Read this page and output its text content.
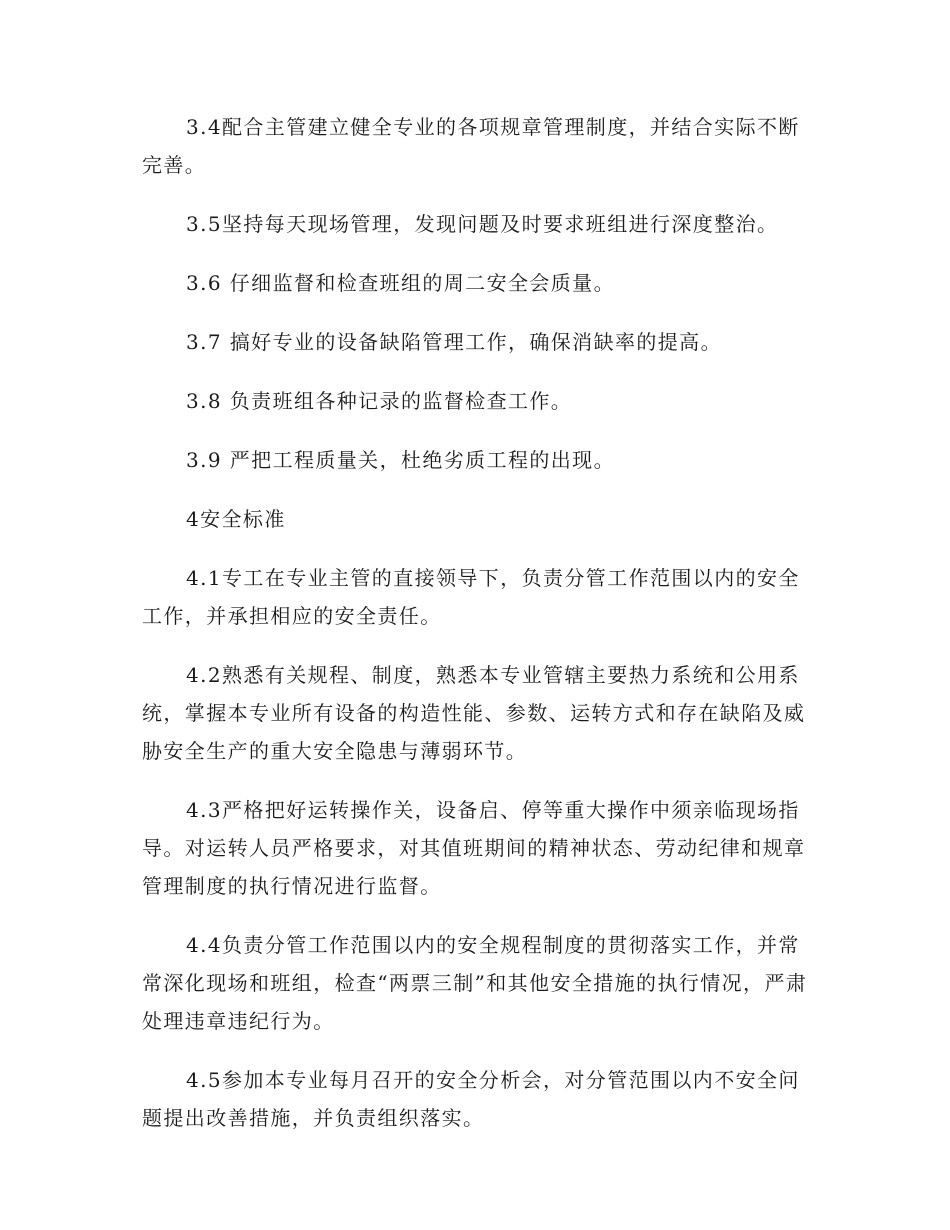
3.4配合主管建立健全专业的各项规章管理制度，并结合实际不断完善。

3.5坚持每天现场管理，发现问题及时要求班组进行深度整治。

3.6 仔细监督和检查班组的周二安全会质量。

3.7 搞好专业的设备缺陷管理工作，确保消缺率的提高。

3.8 负责班组各种记录的监督检查工作。

3.9 严把工程质量关，杜绝劣质工程的出现。

4安全标准

4.1专工在专业主管的直接领导下，负责分管工作范围以内的安全工作，并承担相应的安全责任。

4.2熟悉有关规程、制度，熟悉本专业管辖主要热力系统和公用系统，掌握本专业所有设备的构造性能、参数、运转方式和存在缺陷及威胁安全生产的重大安全隐患与薄弱环节。

4.3严格把好运转操作关，设备启、停等重大操作中须亲临现场指导。对运转人员严格要求，对其值班期间的精神状态、劳动纪律和规章管理制度的执行情况进行监督。

4.4负责分管工作范围以内的安全规程制度的贯彻落实工作，并常常深化现场和班组，检查“两票三制”和其他安全措施的执行情况，严肃处理违章违纪行为。

4.5参加本专业每月召开的安全分析会，对分管范围以内不安全问题提出改善措施，并负责组织落实。
